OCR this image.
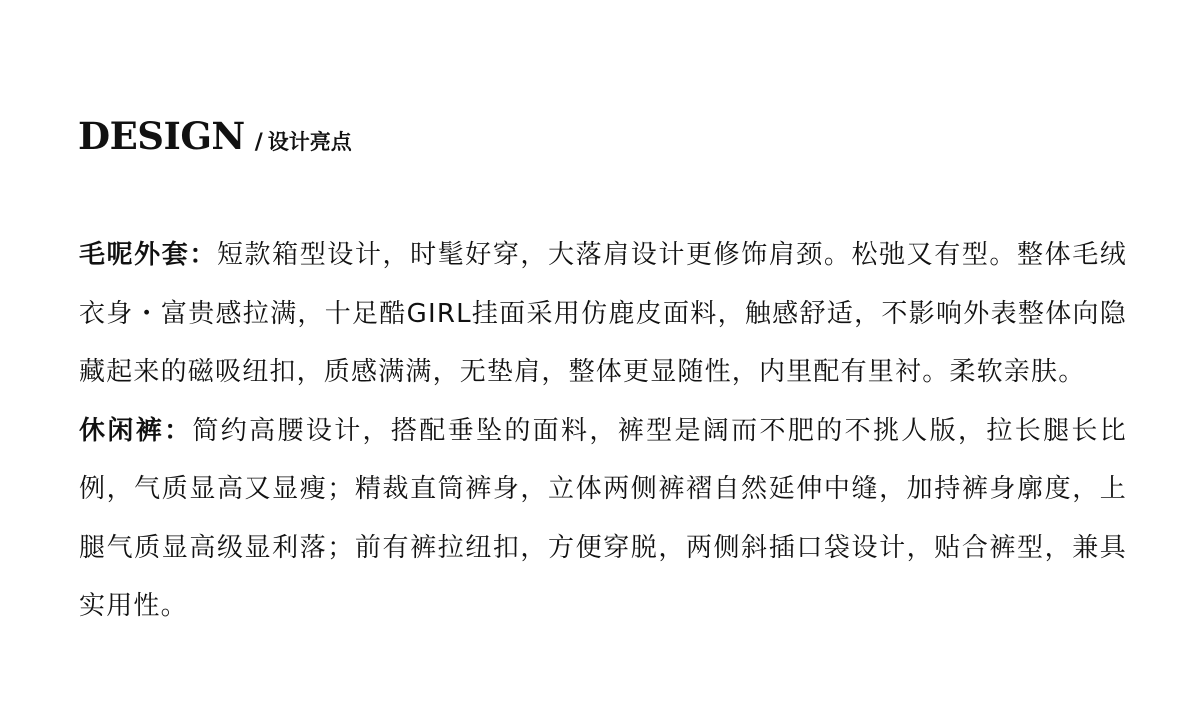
DESIGN / 设计亮点

毛呢外套：短款箱型设计，时髦好穿，大落肩设计更修饰肩颈。松弛又有型。整体毛绒衣身・富贵感拉满，十足酷GIRL挂面采用仿鹿皮面料，触感舒适，不影响外表整体向隐藏起来的磁吸纽扣，质感满满，无垫肩，整体更显随性，内里配有里衬。柔软亲肤。

休闲裤：简约高腰设计，搭配垂坠的面料，裤型是阔而不肥的不挑人版，拉长腿长比例，气质显高又显瘦；精裁直筒裤身，立体两侧裤褶自然延伸中缝，加持裤身廓度，上腿气质显高级显利落；前有裤拉纽扣，方便穿脱，两侧斜插口袋设计，贴合裤型，兼具实用性。
